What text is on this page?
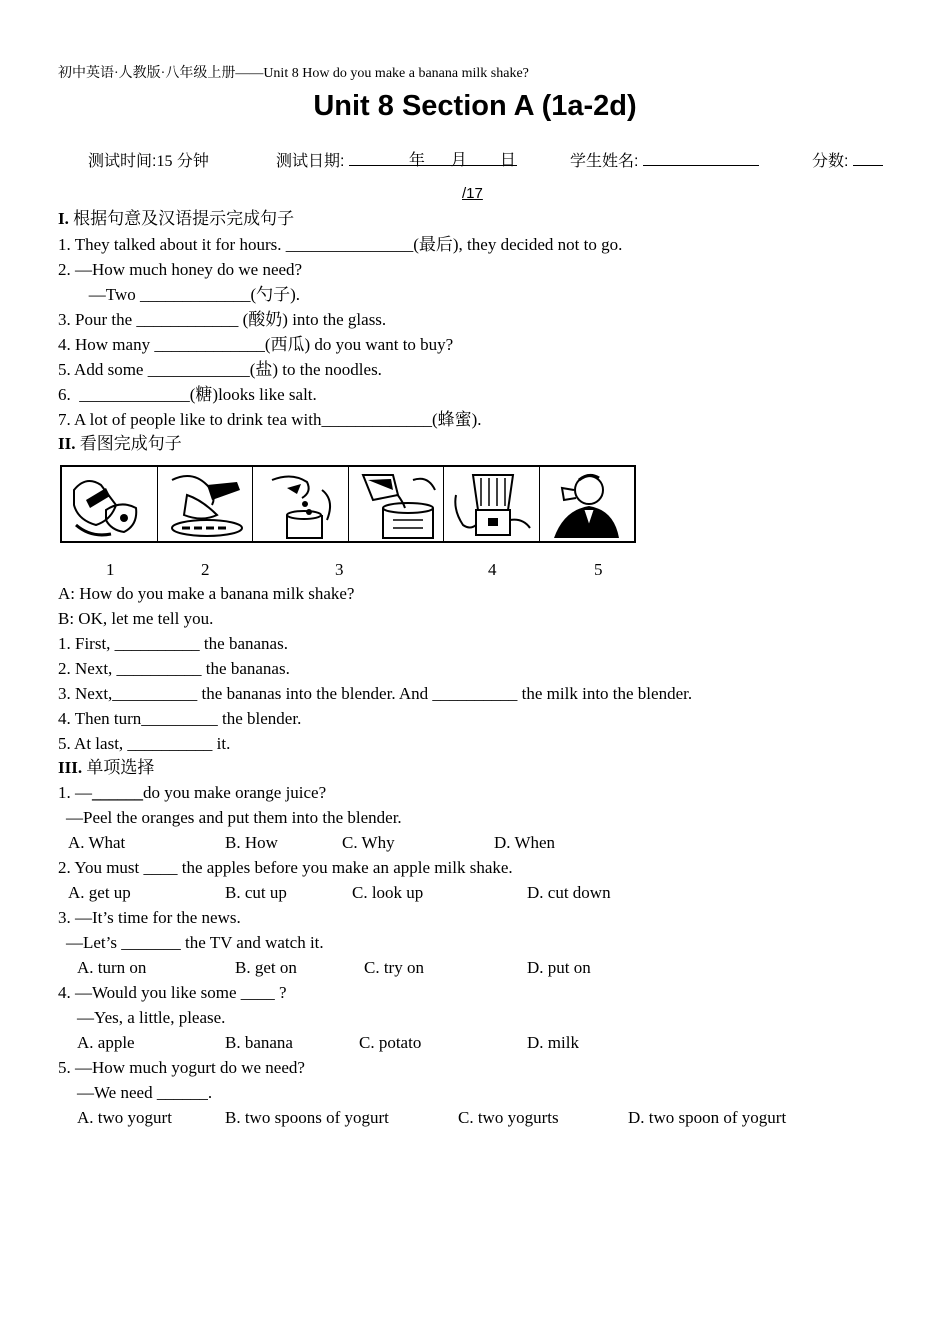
初中英语·人教版·八年级上册——Unit 8 How do you make a banana milk shake?
Unit 8 Section A (1a-2d)
测试时间:15 分钟	测试日期:	年 月 日	学生姓名:	分数:
/17
I. 根据句意及汉语提示完成句子
1. They talked about it for hours. _______________(最后), they decided not to go.
2. —How much honey do we need?
—Two _____________(勺子).
3. Pour the ____________ (酸奶) into the glass.
4. How many _____________(西瓜) do you want to buy?
5. Add some ____________(盐) to the noodles.
6.  _____________(糖)looks like salt.
7. A lot of people like to drink tea with_____________(蜂蜜).
II. 看图完成句子
1	2	3	4	5
A: How do you make a banana milk shake?
B: OK, let me tell you.
1. First, __________ the bananas.
2. Next, __________ the bananas.
3. Next,__________ the bananas into the blender. And __________ the milk into the blender.
4. Then turn_________ the blender.
5. At last, __________ it.
III. 单项选择
1. —______do you make orange juice?
—Peel the oranges and put them into the blender.
A. What	B. How	C. Why	D. When
2. You must ____ the apples before you make an apple milk shake.
A. get up	B. cut up	C. look up	D. cut down
3. —It’s time for the news.
—Let’s _______ the TV and watch it.
A. turn on	B. get on	C. try on	D. put on
4. —Would you like some ____ ?
—Yes, a little, please.
A. apple	B. banana	C. potato	D. milk
5. —How much yogurt do we need?
—We need ______.
A. two yogurt	B. two spoons of yogurt	C. two yogurts	D. two spoon of yogurt
